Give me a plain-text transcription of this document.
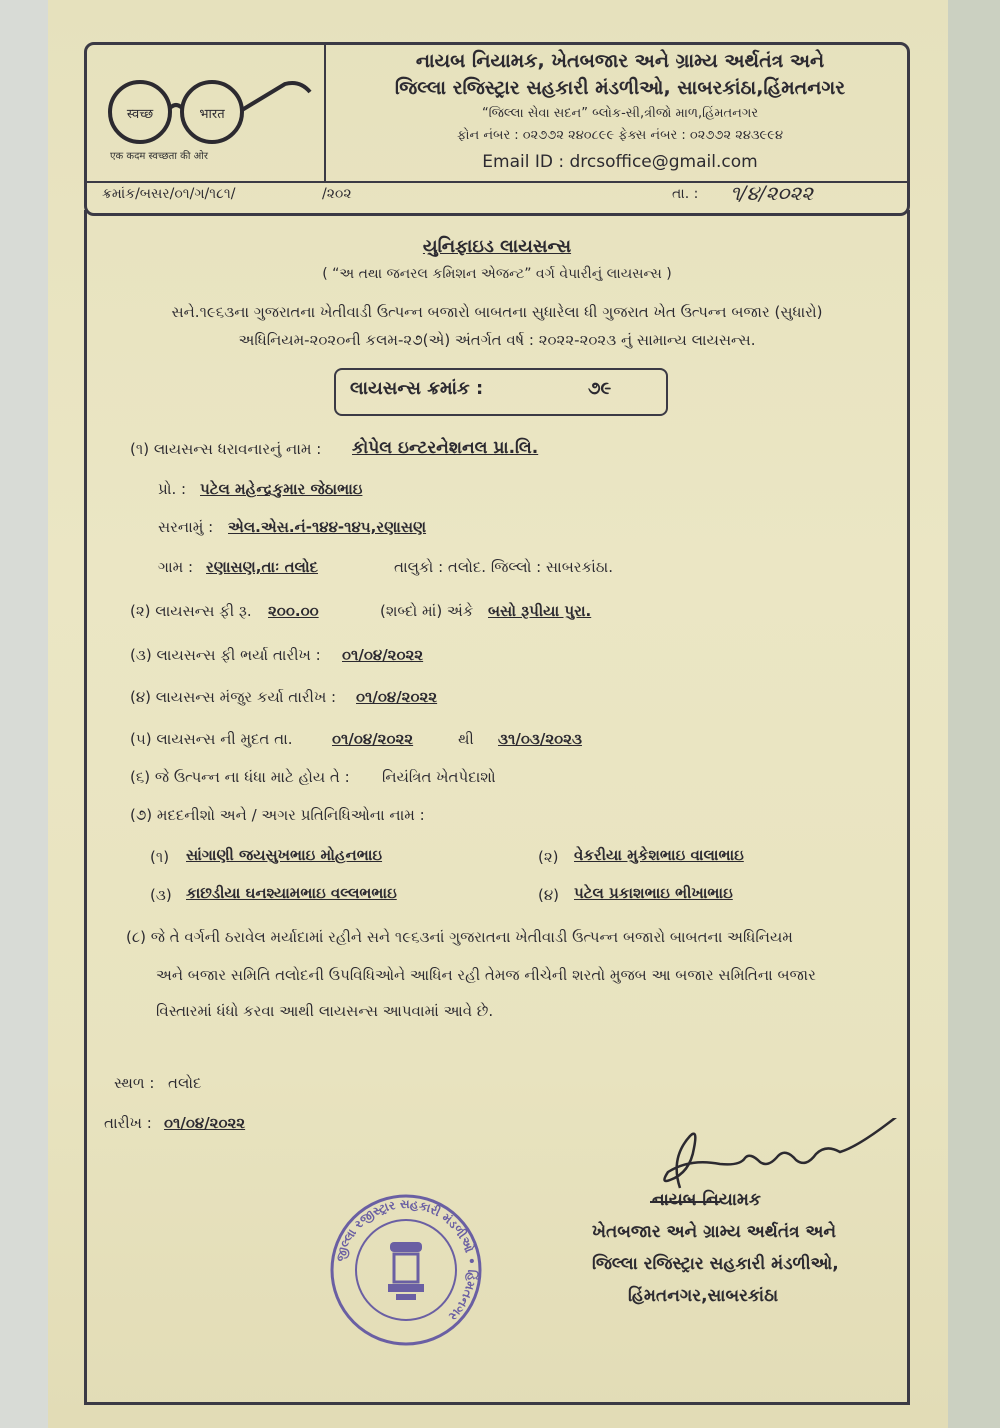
स्वच्छ	भारत
एक कदम स्वच्छता की ओर
નાયબ નિયામક, ખેતબજાર અને ગ્રામ્ય અર્થતંત્ર અને
જિલ્લા રજિસ્ટ્રાર સહકારી મંડળીઓ, સાબરકાંઠા,હિંમતનગર
“જિલ્લા સેવા સદન” બ્લોક-સી,ત્રીજો માળ,હિંમતનગર
ફોન નંબર : ૦૨૭૭૨ ૨૪૦૮૯૯ ફેક્સ નંબર : ૦૨૭૭૨ ૨૪૩૯૯૪
Email ID : drcsoffice@gmail.com
ક્રમાંક/બસર/૦૧/ગ/૧૮૧/	/૨૦૨	તા. : ૧/૪/૨૦૨૨
યુનિફાઇડ લાયસન્સ
( “અ તથા જનરલ કમિશન એજન્ટ” વર્ગ વેપારીનું લાયસન્સ )
સને.૧૯૬૩ના ગુજરાતના ખેતીવાડી ઉત્પન્ન બજારો બાબતના સુધારેલા ધી ગુજરાત ખેત ઉત્પન્ન બજાર (સુધારો)
અધિનિયમ-૨૦૨૦ની કલમ-૨૭(એ) અંતર્ગત વર્ષ : ૨૦૨૨-૨૦૨૩ નું સામાન્ય લાયસન્સ.
લાયસન્સ ક્રમાંક :	૭૯
(૧) લાયસન્સ ધરાવનારનું નામ : કોપેલ ઇન્ટરનેશનલ પ્રા.લિ.
પ્રો. : પટેલ મહેન્દ્રકુમાર જેઠાભાઇ
સરનામું : એલ.એસ.નં-૧૪૪-૧૪૫,રણાસણ
ગામ : રણાસણ,તાઃ તલોદ	તાલુકો : તલોદ. જિલ્લો : સાબરકાંઠા.
(૨) લાયસન્સ ફી રૂ. ૨૦૦.૦૦	(શબ્દો માં) અંકે બસો રૂપીયા પુરા.
(૩) લાયસન્સ ફી ભર્યા તારીખ : ૦૧/૦૪/૨૦૨૨
(૪) લાયસન્સ મંજુર કર્યા તારીખ : ૦૧/૦૪/૨૦૨૨
(૫) લાયસન્સ ની મુદત તા.	૦૧/૦૪/૨૦૨૨	થી ૩૧/૦૩/૨૦૨૩
(૬) જે ઉત્પન્ન ના ધંધા માટે હોય તે : નિયંત્રિત ખેતપેદાશો
(૭) મદદનીશો અને / અગર પ્રતિનિધિઓના નામ :
(૧) સાંગાણી જયસુખભાઇ મોહનભાઇ	(૨) વેકરીયા મુકેશભાઇ વાલાભાઇ
(૩) કાછડીયા ઘનશ્યામભાઇ વલ્લભભાઇ	(૪) પટેલ પ્રકાશભાઇ ભીખાભાઇ
(૮) જે તે વર્ગની ઠરાવેલ મર્યાદામાં રહીને સને ૧૯૬૩નાં ગુજરાતના ખેતીવાડી ઉત્પન્ન બજારો બાબતના અધિનિયમ
અને બજાર સમિતિ તલોદની ઉપવિધિઓને આધિન રહી તેમજ નીચેની શરતો મુજબ આ બજાર સમિતિના બજાર
વિસ્તારમાં ધંધો કરવા આથી લાયસન્સ આપવામાં આવે છે.
સ્થળ : તલોદ
તારીખ : ૦૧/૦૪/૨૦૨૨
નાયબ નિયામક
ખેતબજાર અને ગ્રામ્ય અર્થતંત્ર અને
જિલ્લા રજિસ્ટ્રાર સહકારી મંડળીઓ,
હિંમતનગર,સાબરકાંઠા
જીલ્લા રજીસ્ટ્રાર સહકારી મંડળીઓ • હિંમતનગર
